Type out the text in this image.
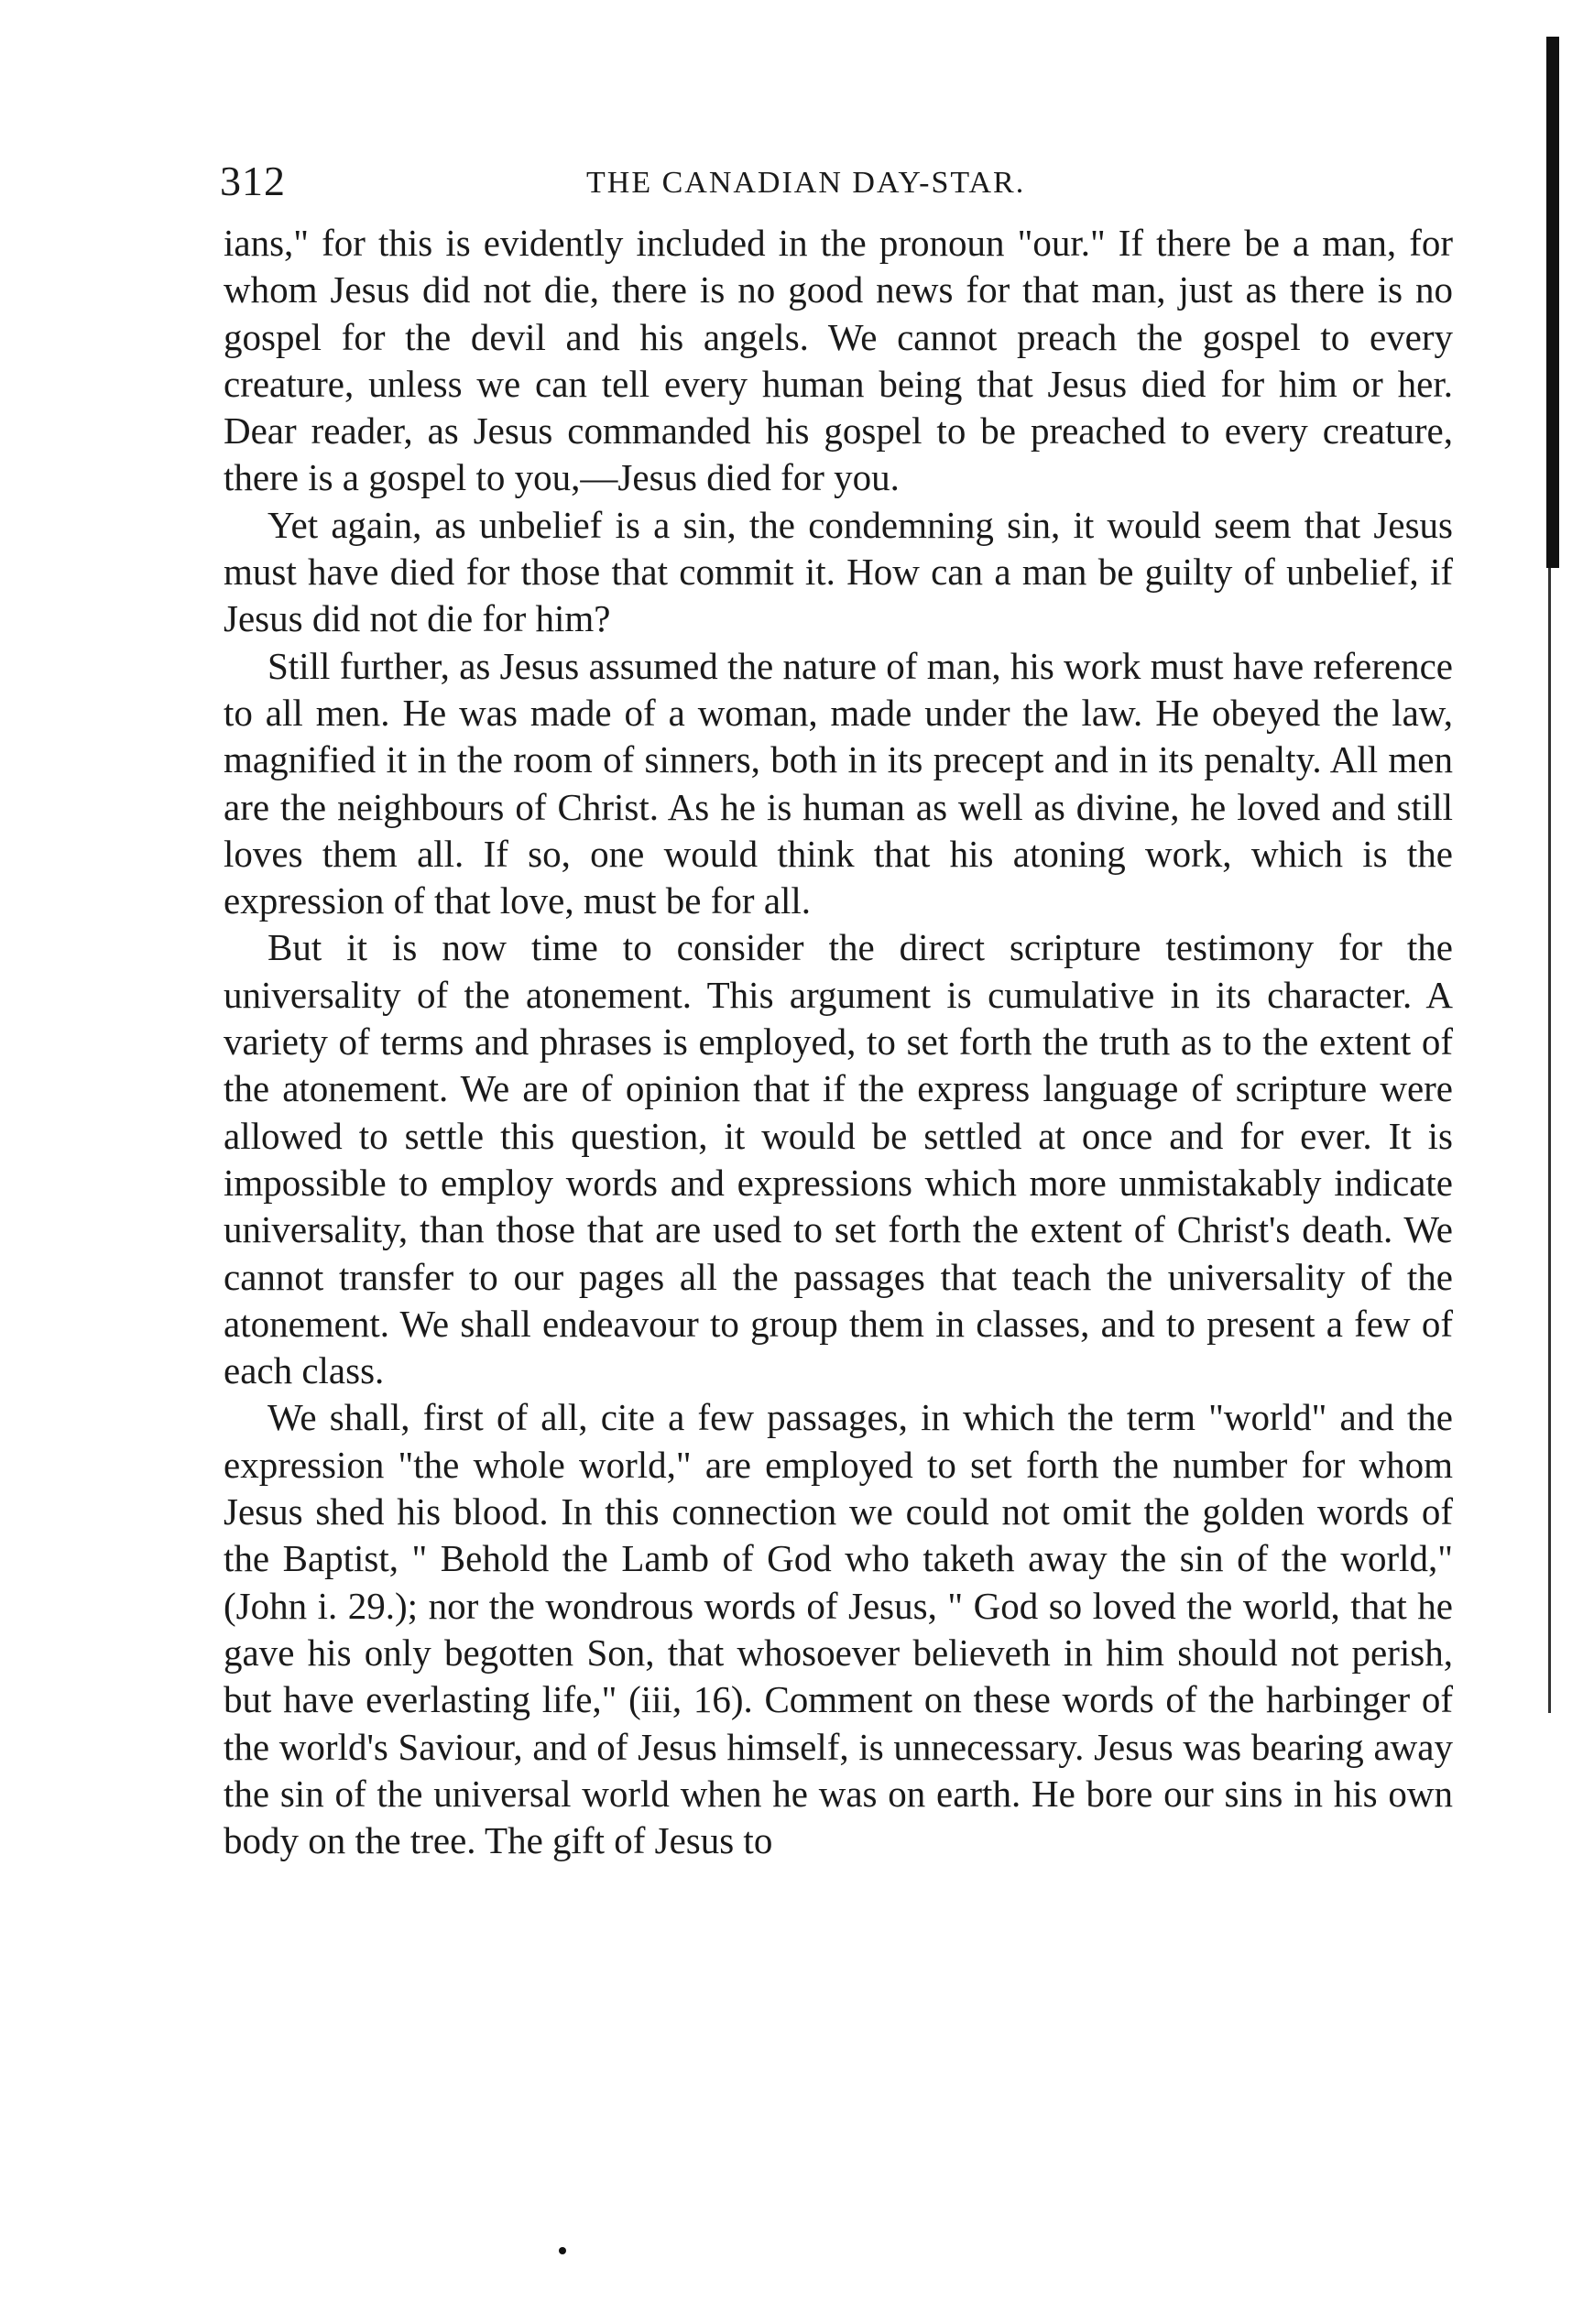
312	THE CANADIAN DAY-STAR.

ians," for this is evidently included in the pronoun "our." If there be a man, for whom Jesus did not die, there is no good news for that man, just as there is no gospel for the devil and his angels. We cannot preach the gospel to every creature, unless we can tell every human being that Jesus died for him or her. Dear reader, as Jesus commanded his gospel to be preached to every creature, there is a gospel to you,—Jesus died for you.

Yet again, as unbelief is a sin, the condemning sin, it would seem that Jesus must have died for those that commit it. How can a man be guilty of unbelief, if Jesus did not die for him?

Still further, as Jesus assumed the nature of man, his work must have reference to all men. He was made of a woman, made under the law. He obeyed the law, magnified it in the room of sinners, both in its precept and in its penalty. All men are the neighbours of Christ. As he is human as well as divine, he loved and still loves them all. If so, one would think that his atoning work, which is the expression of that love, must be for all.

But it is now time to consider the direct scripture testimony for the universality of the atonement. This argument is cumulative in its character. A variety of terms and phrases is employed, to set forth the truth as to the extent of the atonement. We are of opinion that if the express language of scripture were allowed to settle this question, it would be settled at once and for ever. It is impossible to employ words and expressions which more unmistakably indicate universality, than those that are used to set forth the extent of Christ's death. We cannot transfer to our pages all the passages that teach the universality of the atonement. We shall endeavour to group them in classes, and to present a few of each class.

We shall, first of all, cite a few passages, in which the term "world" and the expression "the whole world," are employed to set forth the number for whom Jesus shed his blood. In this connection we could not omit the golden words of the Baptist, " Behold the Lamb of God who taketh away the sin of the world," (John i. 29.); nor the wondrous words of Jesus, " God so loved the world, that he gave his only begotten Son, that whosoever believeth in him should not perish, but have everlasting life," (iii, 16). Comment on these words of the harbinger of the world's Saviour, and of Jesus himself, is unnecessary. Jesus was bearing away the sin of the universal world when he was on earth. He bore our sins in his own body on the tree. The gift of Jesus to
